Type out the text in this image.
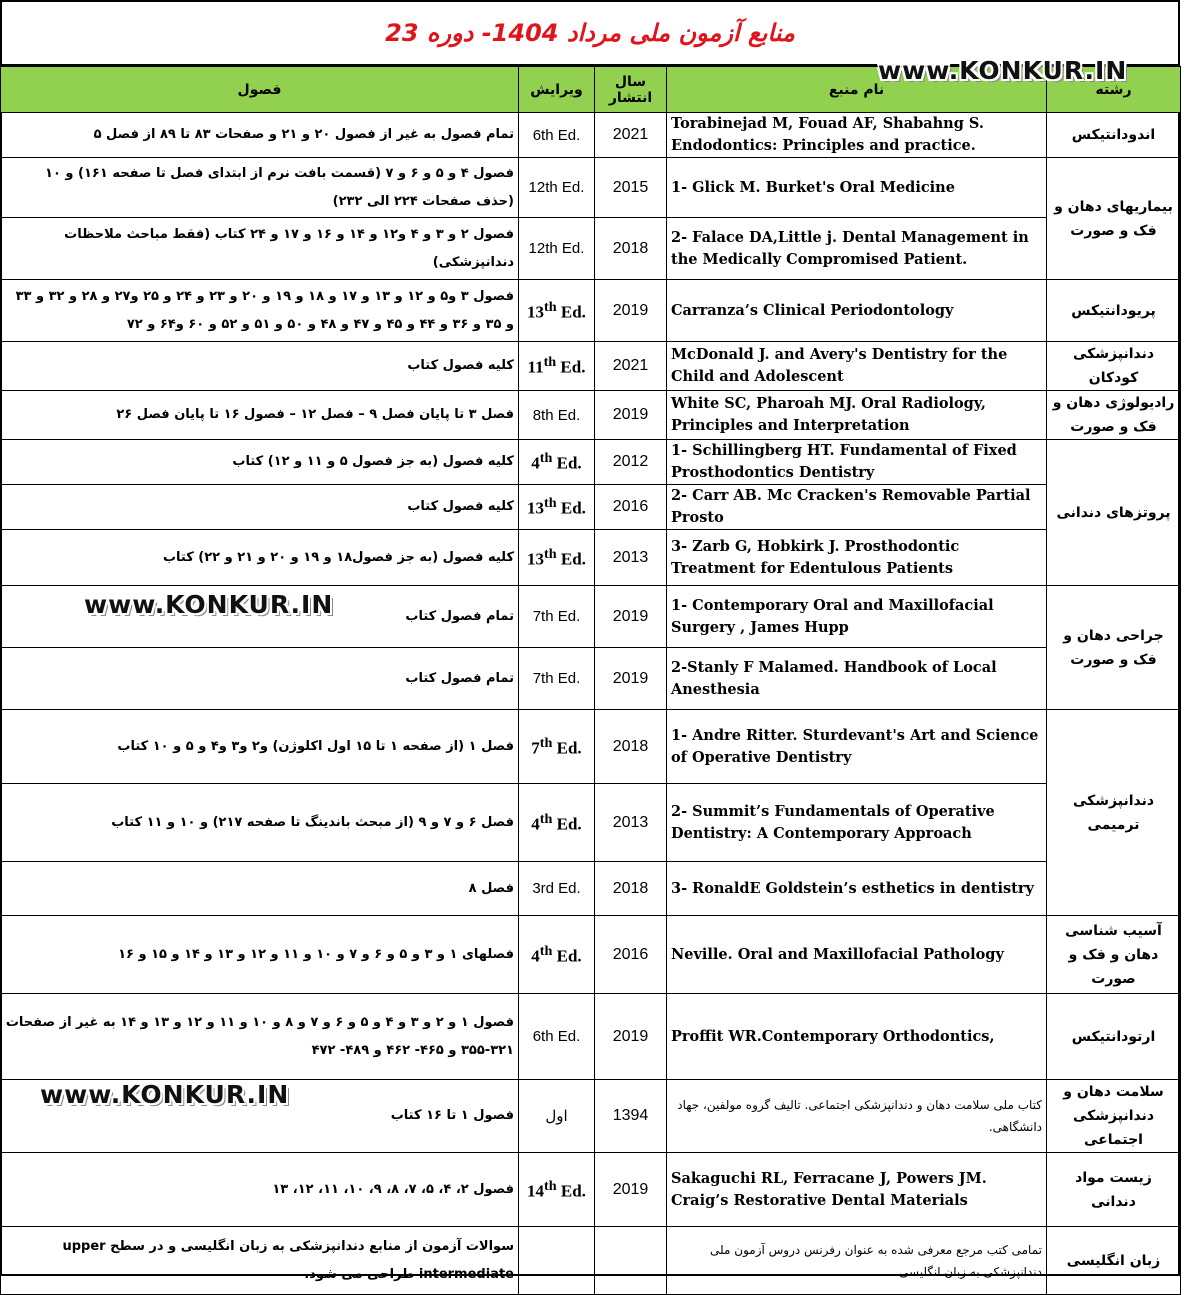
منابع آزمون ملی مرداد 1404- دوره 23
فصول	ویرایش	سال انتشار	نام منبع	رشته
تمام فصول به غیر از فصول ۲۰ و ۲۱ و صفحات ۸۳ تا ۸۹ از فصل ۵	6th Ed.	2021	Torabinejad M, Fouad AF, Shabahng S. Endodontics: Principles and practice.	اندودانتیکس
فصول ۴ و ۵ و ۶ و ۷ (قسمت بافت نرم از ابتدای فصل تا صفحه ۱۶۱) و ۱۰ (حذف صفحات ۲۲۴ الی ۲۳۲)	12th Ed.	2015	1- Glick M. Burket's Oral Medicine	بیماریهای دهان و فک و صورت
فصول ۲ و ۳ و ۴ و۱۲ و ۱۴ و ۱۶ و ۱۷ و ۲۴ کتاب (فقط مباحث ملاحظات دندانپزشکی)	12th Ed.	2018	2- Falace DA,Little j. Dental Management in the Medically Compromised Patient.	
فصول ۳ و۵ و ۱۲ و ۱۳ و ۱۷ و ۱۸ و ۱۹ و ۲۰ و ۲۳ و ۲۴ و ۲۵ و۲۷ و ۲۸ و ۳۲ و ۳۳ و ۳۵ و ۳۶ و ۴۴ و ۴۵ و ۴۷ و ۴۸ و ۵۰ و ۵۱ و ۵۲ و ۶۰ و۶۴ و ۷۲	13th Ed.	2019	Carranza’s Clinical Periodontology	پریودانتیکس
کلیه فصول کتاب	11th Ed.	2021	McDonald J. and Avery's Dentistry for the Child and Adolescent	دندانپزشکی کودکان
فصل ۳ تا پایان فصل ۹ – فصل ۱۲ – فصول ۱۶ تا پایان فصل ۲۶	8th Ed.	2019	White SC, Pharoah MJ. Oral Radiology, Principles and Interpretation	رادیولوژی دهان و فک و صورت
کلیه فصول (به جز فصول ۵ و ۱۱ و ۱۲) کتاب	4th Ed.	2012	1- Schillingberg HT. Fundamental of Fixed Prosthodontics Dentistry	پروتزهای دندانی
کلیه فصول کتاب	13th Ed.	2016	2- Carr AB. Mc Cracken's Removable Partial Prosto	
کلیه فصول (به جز فصول۱۸ و ۱۹ و ۲۰ و ۲۱ و ۲۲) کتاب	13th Ed.	2013	3- Zarb G, Hobkirk J. Prosthodontic Treatment for Edentulous Patients	
تمام فصول کتاب	7th Ed.	2019	1- Contemporary Oral and Maxillofacial Surgery , James Hupp	جراحی دهان و فک و صورت
تمام فصول کتاب	7th Ed.	2019	2-Stanly F Malamed. Handbook of Local Anesthesia	
فصل ۱ (از صفحه ۱ تا ۱۵ اول اکلوژن) و۲ و۳ و۴ و ۵ و ۱۰ کتاب	7th Ed.	2018	1- Andre Ritter. Sturdevant's Art and Science of Operative Dentistry	دندانپزشکی ترمیمی
فصل ۶ و ۷ و ۹ (از مبحث باندینگ تا صفحه ۲۱۷) و ۱۰ و ۱۱ کتاب	4th Ed.	2013	2- Summit’s Fundamentals of Operative Dentistry: A Contemporary Approach	
فصل ۸	3rd Ed.	2018	3- RonaldE Goldstein’s esthetics in dentistry	
فصلهای ۱ و ۳ و ۵ و ۶ و ۷ و ۱۰ و ۱۱ و ۱۲ و ۱۳ و ۱۴ و ۱۵ و ۱۶	4th Ed.	2016	Neville. Oral and Maxillofacial Pathology	آسیب شناسی دهان و فک و صورت
فصول ۱ و ۲ و ۳ و ۴ و ۵ و ۶ و ۷ و ۸ و ۱۰ و ۱۱ و ۱۲ و ۱۳ و ۱۴ به غیر از صفحات ۳۲۱-۳۵۵ و ۴۶۵- ۴۶۲ و ۴۸۹- ۴۷۲	6th Ed.	2019	Proffit WR.Contemporary Orthodontics,	ارتودانتیکس
فصول ۱ تا ۱۶ کتاب	اول	1394	کتاب ملی سلامت دهان و دندانپزشکی اجتماعی. تالیف گروه مولفین، جهاد دانشگاهی.	سلامت دهان و دندانپزشکی اجتماعی
فصول ۲، ۴، ۵، ۷، ۸، ۹، ۱۰، ۱۱، ۱۲، ۱۳	14th Ed.	2019	Sakaguchi RL, Ferracane J, Powers JM. Craig’s Restorative Dental Materials	زیست مواد دندانی
سوالات آزمون از منابع دندانپزشکی به زبان انگلیسی و در سطح upper intermediate طراحی می شود.			تمامی کتب مرجع معرفی شده به عنوان رفرنس دروس آزمون ملی دندانپزشکی به زبان انگلیسی	زبان انگلیسی
www.KONKUR.IN
www.KONKUR.IN
www.KONKUR.IN
